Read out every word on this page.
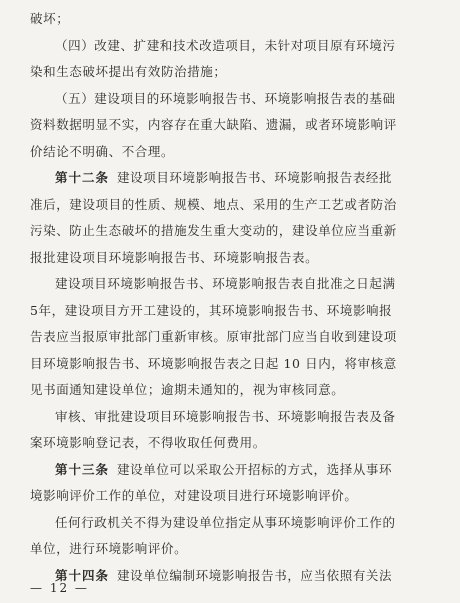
破坏；
（四）改建、扩建和技术改造项目，未针对项目原有环境污
染和生态破坏提出有效防治措施；
（五）建设项目的环境影响报告书、环境影响报告表的基础
资料数据明显不实，内容存在重大缺陷、遗漏，或者环境影响评
价结论不明确、不合理。
第十二条 建设项目环境影响报告书、环境影响报告表经批
准后，建设项目的性质、规模、地点、采用的生产工艺或者防治
污染、防止生态破坏的措施发生重大变动的，建设单位应当重新
报批建设项目环境影响报告书、环境影响报告表。
建设项目环境影响报告书、环境影响报告表自批准之日起满
5年，建设项目方开工建设的，其环境影响报告书、环境影响报
告表应当报原审批部门重新审核。原审批部门应当自收到建设项
目环境影响报告书、环境影响报告表之日起 10 日内，将审核意
见书面通知建设单位；逾期未通知的，视为审核同意。
审核、审批建设项目环境影响报告书、环境影响报告表及备
案环境影响登记表，不得收取任何费用。
第十三条 建设单位可以采取公开招标的方式，选择从事环
境影响评价工作的单位，对建设项目进行环境影响评价。
任何行政机关不得为建设单位指定从事环境影响评价工作的
单位，进行环境影响评价。
第十四条 建设单位编制环境影响报告书，应当依照有关法
— 12 —
